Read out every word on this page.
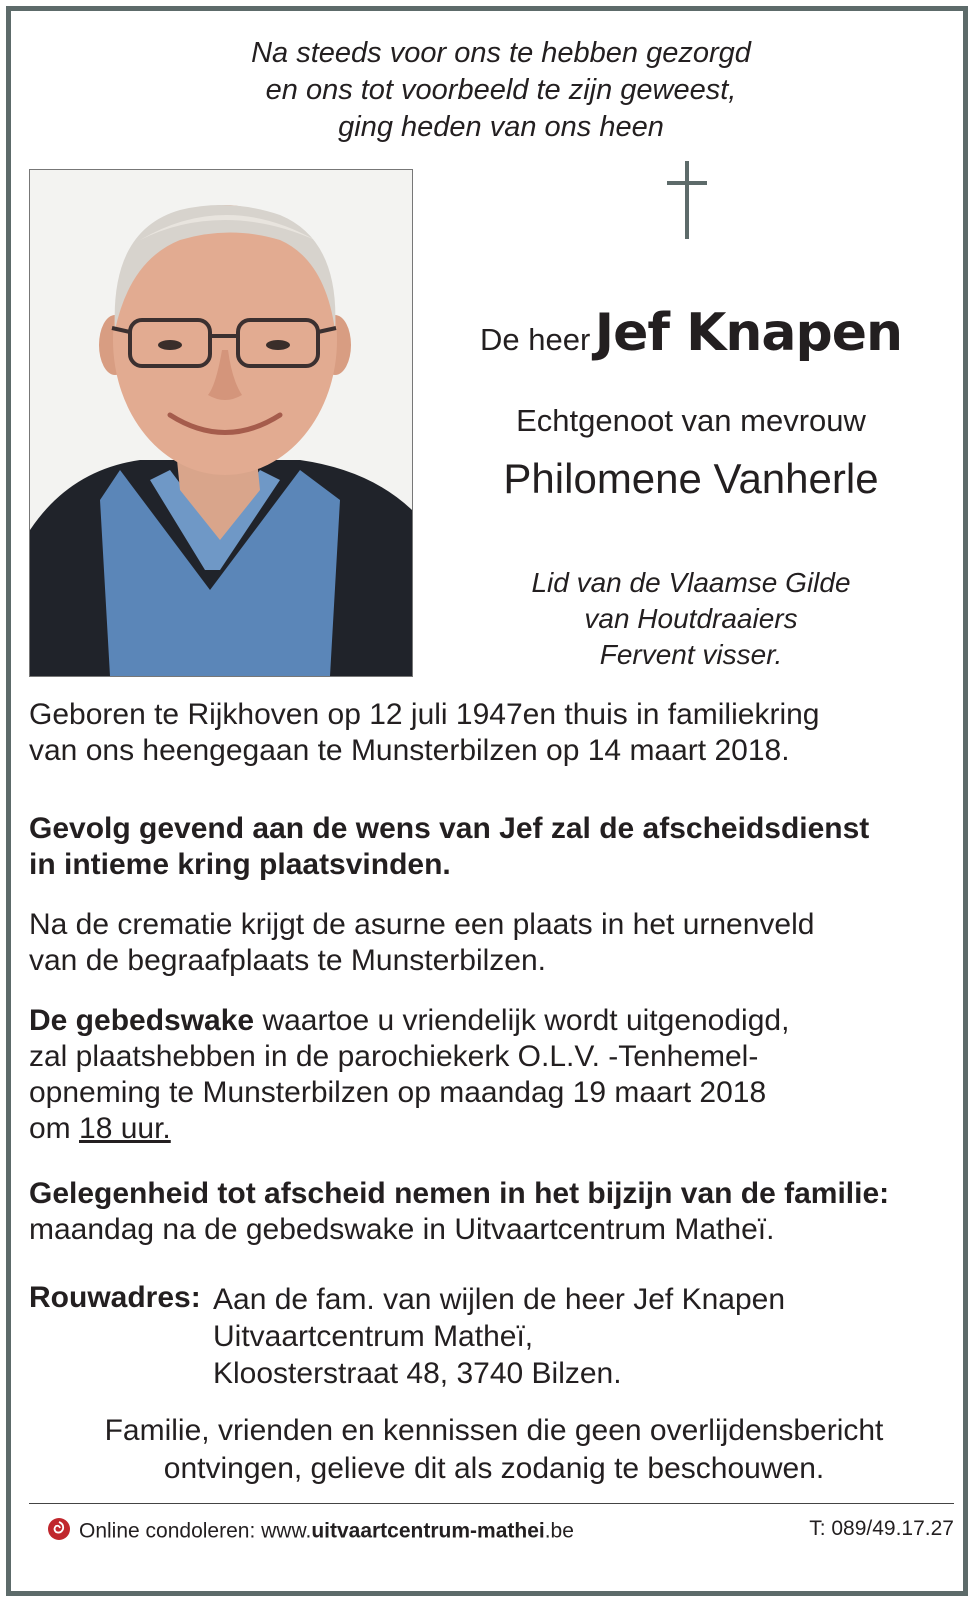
Na steeds voor ons te hebben gezorgd
en ons tot voorbeeld te zijn geweest,
ging heden van ons heen
De heer Jef Knapen
Echtgenoot van mevrouw
Philomene Vanherle
Lid van de Vlaamse Gilde
van Houtdraaiers
Fervent visser.
Geboren te Rijkhoven op 12 juli 1947en thuis in familiekring
van ons heengegaan te Munsterbilzen op 14 maart 2018.
Gevolg gevend aan de wens van Jef zal de afscheidsdienst
in intieme kring plaatsvinden.
Na de crematie krijgt de asurne een plaats in het urnenveld
van de begraafplaats te Munsterbilzen.
De gebedswake waartoe u vriendelijk wordt uitgenodigd,
zal plaatshebben in de parochiekerk O.L.V. -Tenhemel-
opneming te Munsterbilzen op maandag 19 maart 2018
om 18 uur.
Gelegenheid tot afscheid nemen in het bijzijn van de familie:
maandag na de gebedswake in Uitvaartcentrum Matheï.
Rouwadres: Aan de fam. van wijlen de heer Jef Knapen
Uitvaartcentrum Matheï,
Kloosterstraat 48, 3740 Bilzen.
Familie, vrienden en kennissen die geen overlijdensbericht
ontvingen, gelieve dit als zodanig te beschouwen.
Online condoleren: www.uitvaartcentrum-mathei.be	T: 089/49.17.27
